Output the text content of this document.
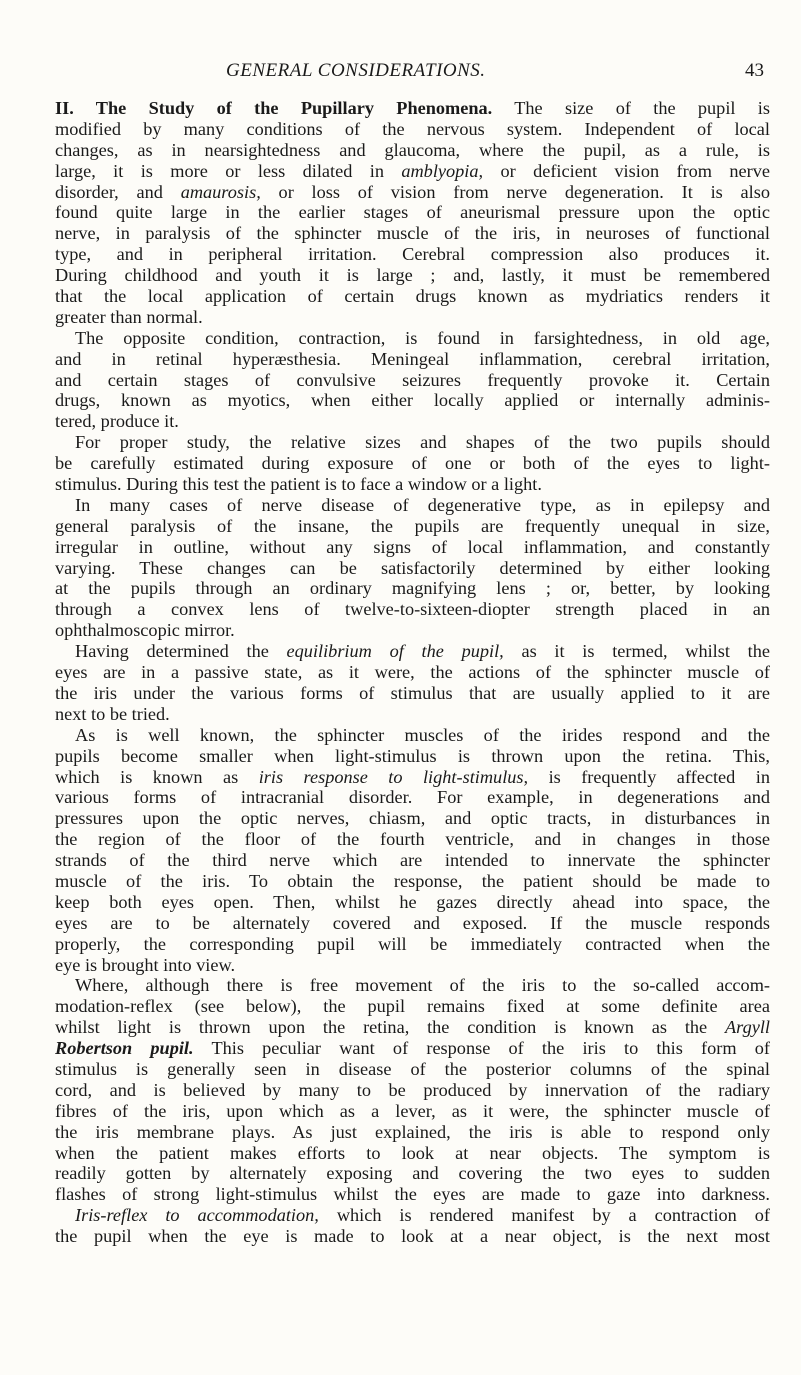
GENERAL CONSIDERATIONS.	43
II. The Study of the Pupillary Phenomena. The size of the pupil is
modified by many conditions of the nervous system. Independent of local
changes, as in nearsightedness and glaucoma, where the pupil, as a rule, is
large, it is more or less dilated in amblyopia, or deficient vision from nerve
disorder, and amaurosis, or loss of vision from nerve degeneration. It is also
found quite large in the earlier stages of aneurismal pressure upon the optic
nerve, in paralysis of the sphincter muscle of the iris, in neuroses of functional
type, and in peripheral irritation. Cerebral compression also produces it.
During childhood and youth it is large ; and, lastly, it must be remembered
that the local application of certain drugs known as mydriatics renders it
greater than normal.
The opposite condition, contraction, is found in farsightedness, in old age,
and in retinal hyperæsthesia. Meningeal inflammation, cerebral irritation,
and certain stages of convulsive seizures frequently provoke it. Certain
drugs, known as myotics, when either locally applied or internally adminis-
tered, produce it.
For proper study, the relative sizes and shapes of the two pupils should
be carefully estimated during exposure of one or both of the eyes to light-
stimulus. During this test the patient is to face a window or a light.
In many cases of nerve disease of degenerative type, as in epilepsy and
general paralysis of the insane, the pupils are frequently unequal in size,
irregular in outline, without any signs of local inflammation, and constantly
varying. These changes can be satisfactorily determined by either looking
at the pupils through an ordinary magnifying lens ; or, better, by looking
through a convex lens of twelve-to-sixteen-diopter strength placed in an
ophthalmoscopic mirror.
Having determined the equilibrium of the pupil, as it is termed, whilst the
eyes are in a passive state, as it were, the actions of the sphincter muscle of
the iris under the various forms of stimulus that are usually applied to it are
next to be tried.
As is well known, the sphincter muscles of the irides respond and the
pupils become smaller when light-stimulus is thrown upon the retina. This,
which is known as iris response to light-stimulus, is frequently affected in
various forms of intracranial disorder. For example, in degenerations and
pressures upon the optic nerves, chiasm, and optic tracts, in disturbances in
the region of the floor of the fourth ventricle, and in changes in those
strands of the third nerve which are intended to innervate the sphincter
muscle of the iris. To obtain the response, the patient should be made to
keep both eyes open. Then, whilst he gazes directly ahead into space, the
eyes are to be alternately covered and exposed. If the muscle responds
properly, the corresponding pupil will be immediately contracted when the
eye is brought into view.
Where, although there is free movement of the iris to the so-called accom-
modation-reflex (see below), the pupil remains fixed at some definite area
whilst light is thrown upon the retina, the condition is known as the Argyll
Robertson pupil. This peculiar want of response of the iris to this form of
stimulus is generally seen in disease of the posterior columns of the spinal
cord, and is believed by many to be produced by innervation of the radiary
fibres of the iris, upon which as a lever, as it were, the sphincter muscle of
the iris membrane plays. As just explained, the iris is able to respond only
when the patient makes efforts to look at near objects. The symptom is
readily gotten by alternately exposing and covering the two eyes to sudden
flashes of strong light-stimulus whilst the eyes are made to gaze into darkness.
Iris-reflex to accommodation, which is rendered manifest by a contraction of
the pupil when the eye is made to look at a near object, is the next most
